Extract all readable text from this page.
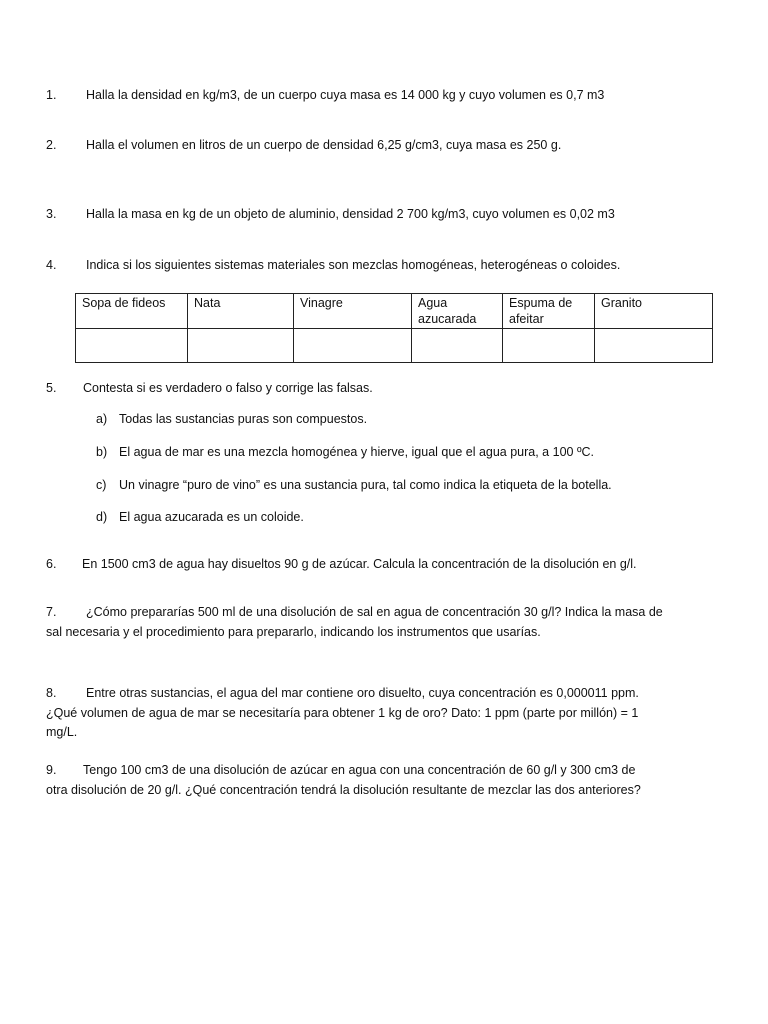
1. Halla la densidad en kg/m3, de un cuerpo cuya masa es 14 000 kg y cuyo volumen es 0,7 m3
2. Halla el volumen en litros de un cuerpo de densidad 6,25 g/cm3, cuya masa es 250 g.
3. Halla la masa en kg de un objeto de aluminio, densidad 2 700 kg/m3, cuyo volumen es 0,02 m3
4. Indica si los siguientes sistemas materiales son mezclas homogéneas, heterogéneas o coloides.
Sopa de fideos	Nata	Vinagre	Agua azucarada	Espuma de afeitar	Granito

5. Contesta si es verdadero o falso y corrige las falsas.
a) Todas las sustancias puras son compuestos.
b) El agua de mar es una mezcla homogénea y hierve, igual que el agua pura, a 100 ºC.
c) Un vinagre “puro de vino” es una sustancia pura, tal como indica la etiqueta de la botella.
d) El agua azucarada es un coloide.
6. En 1500 cm3 de agua hay disueltos 90 g de azúcar. Calcula la concentración de la disolución en g/l.
7. ¿Cómo prepararías 500 ml de una disolución de sal en agua de concentración 30 g/l? Indica la masa de sal necesaria y el procedimiento para prepararlo, indicando los instrumentos que usarías.
8. Entre otras sustancias, el agua del mar contiene oro disuelto, cuya concentración es 0,000011 ppm. ¿Qué volumen de agua de mar se necesitaría para obtener 1 kg de oro? Dato: 1 ppm (parte por millón) = 1 mg/L.
9. Tengo 100 cm3 de una disolución de azúcar en agua con una concentración de 60 g/l y 300 cm3 de otra disolución de 20 g/l. ¿Qué concentración tendrá la disolución resultante de mezclar las dos anteriores?
